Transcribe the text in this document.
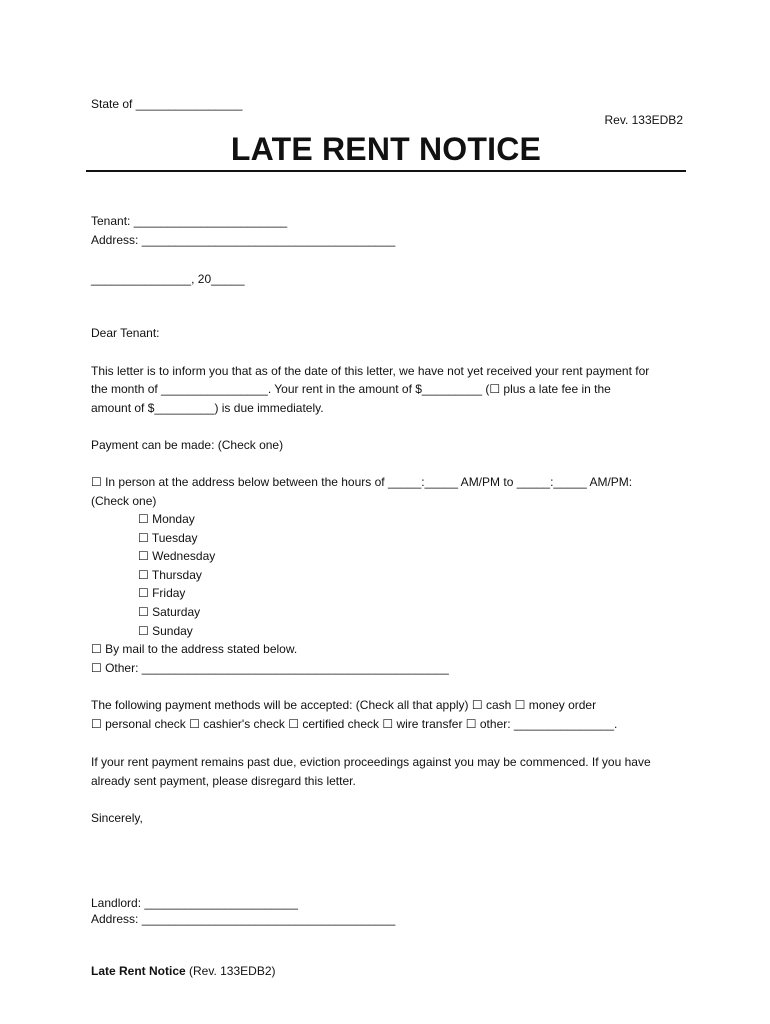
State of ________________
Rev. 133EDB2
LATE RENT NOTICE
Tenant: _______________________
Address: ______________________________________
_______________, 20_____
Dear Tenant:
This letter is to inform you that as of the date of this letter, we have not yet received your rent payment for
the month of ________________. Your rent in the amount of $_________ (☐ plus a late fee in the
amount of $_________) is due immediately.
Payment can be made: (Check one)
☐ In person at the address below between the hours of _____:_____ AM/PM to _____:_____ AM/PM:
(Check one)
☐ Monday
☐ Tuesday
☐ Wednesday
☐ Thursday
☐ Friday
☐ Saturday
☐ Sunday
☐ By mail to the address stated below.
☐ Other: ______________________________________________
The following payment methods will be accepted: (Check all that apply) ☐ cash ☐ money order
☐ personal check ☐ cashier's check ☐ certified check ☐ wire transfer ☐ other: _______________.
If your rent payment remains past due, eviction proceedings against you may be commenced. If you have
already sent payment, please disregard this letter.
Sincerely,
Landlord: _______________________
Address: ______________________________________
Late Rent Notice (Rev. 133EDB2)
